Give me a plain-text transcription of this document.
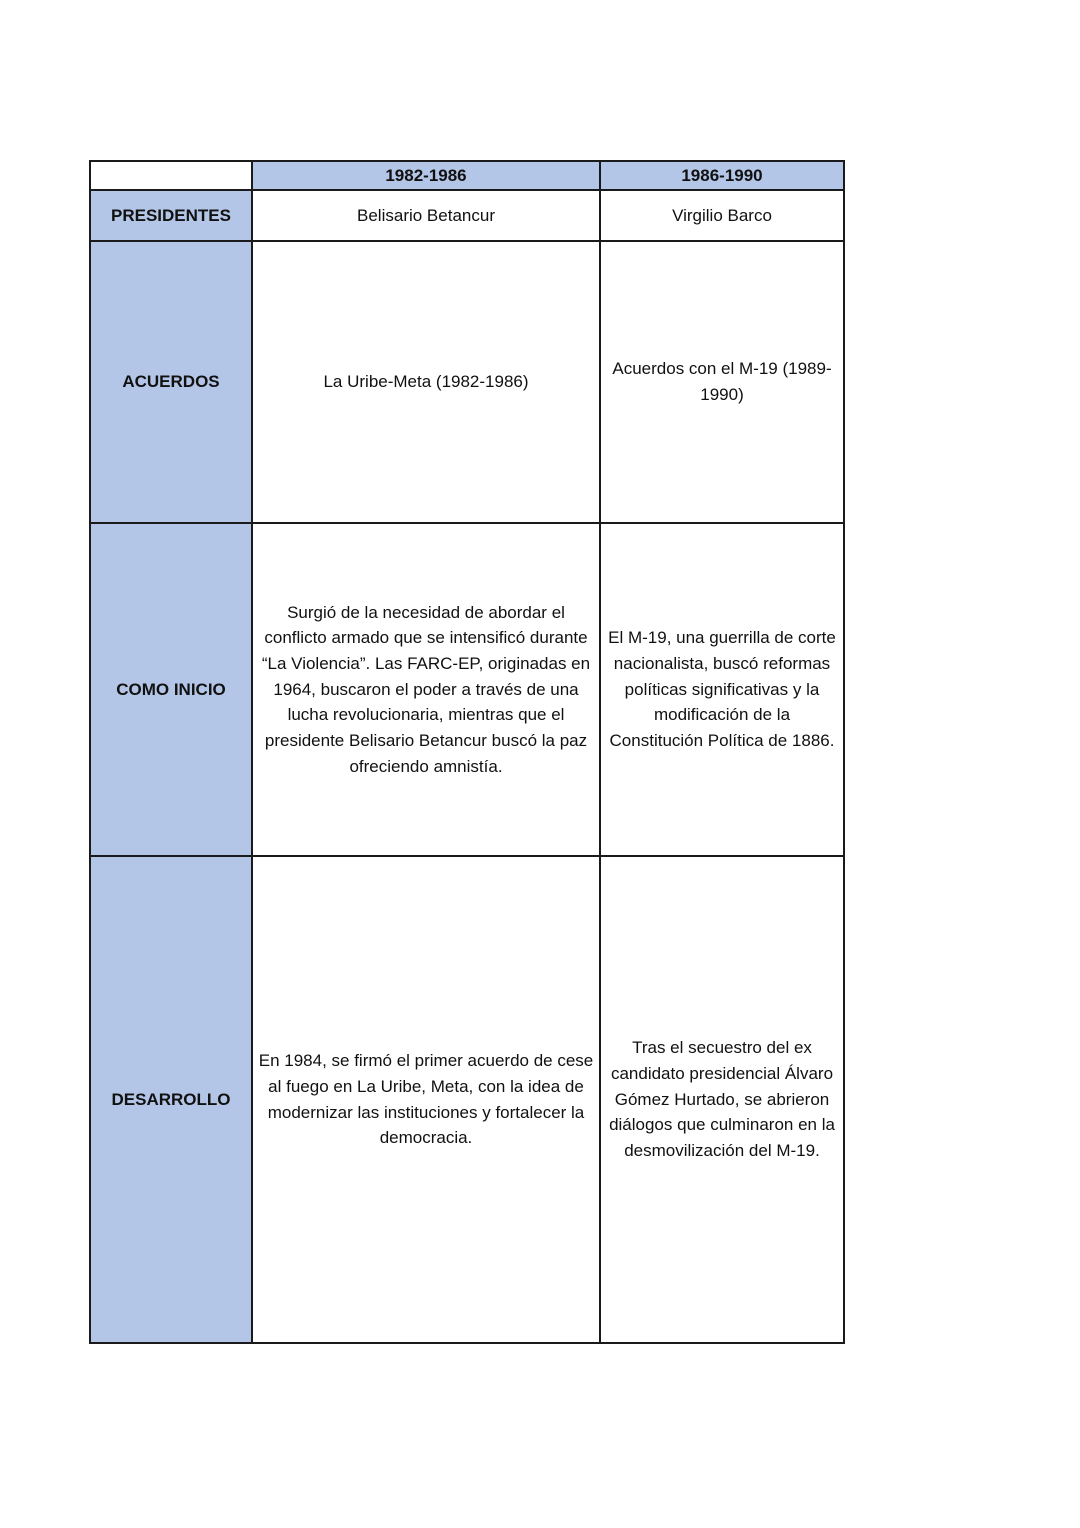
	1982-1986	1986-1990
PRESIDENTES	Belisario Betancur	Virgilio Barco
ACUERDOS	La Uribe-Meta (1982-1986)	Acuerdos con el M-19 (1989-1990)
COMO INICIO	Surgió de la necesidad de abordar el conflicto armado que se intensificó durante “La Violencia”. Las FARC-EP, originadas en 1964, buscaron el poder a través de una lucha revolucionaria, mientras que el presidente Belisario Betancur buscó la paz ofreciendo amnistía.	El M-19, una guerrilla de corte nacionalista, buscó reformas políticas significativas y la modificación de la Constitución Política de 1886.
DESARROLLO	En 1984, se firmó el primer acuerdo de cese al fuego en La Uribe, Meta, con la idea de modernizar las instituciones y fortalecer la democracia.	Tras el secuestro del ex candidato presidencial Álvaro Gómez Hurtado, se abrieron diálogos que culminaron en la desmovilización del M-19.
